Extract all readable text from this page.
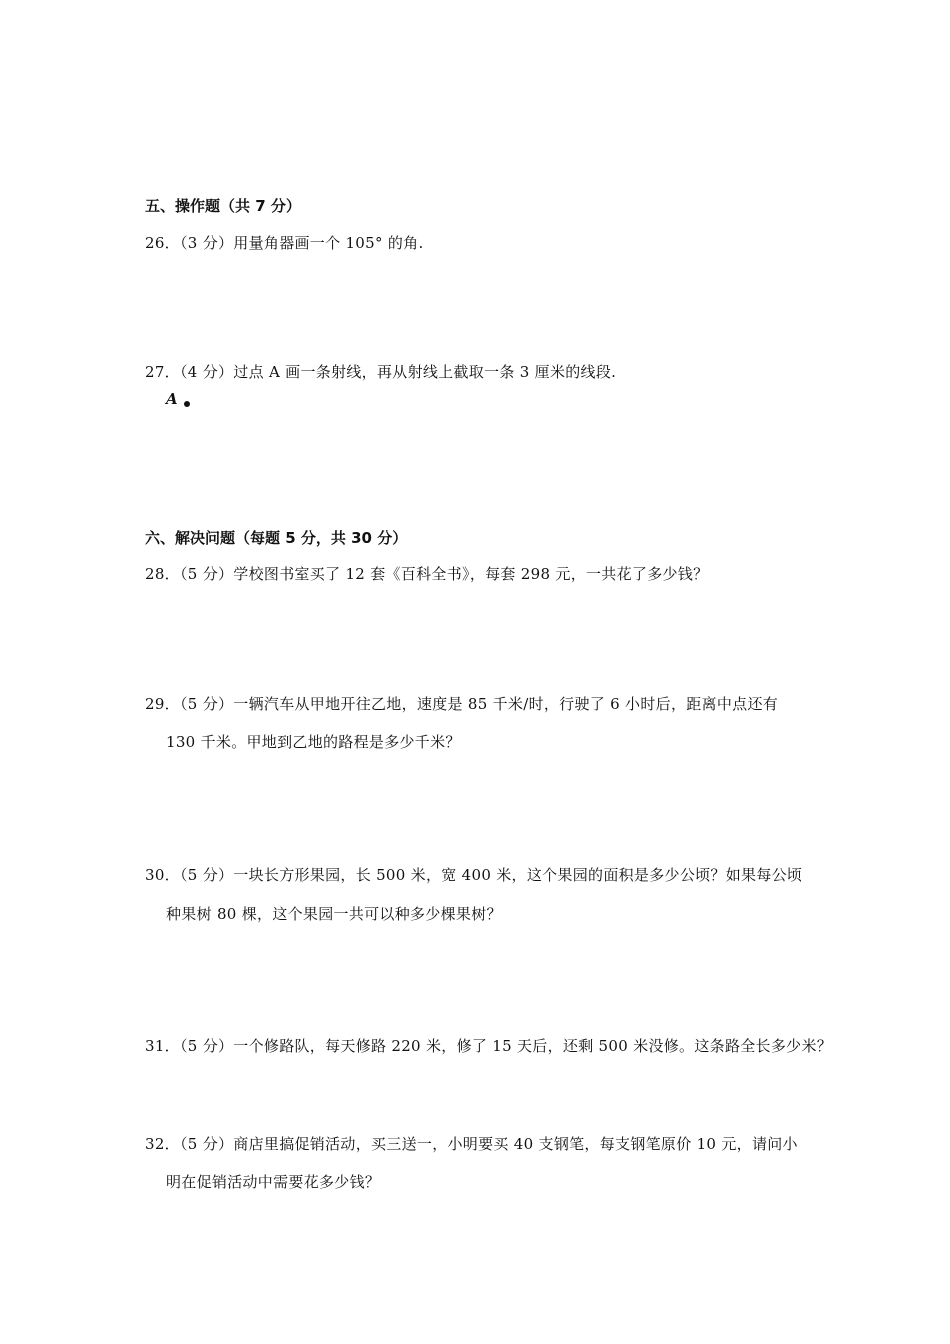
五、操作题（共 7 分）
26．（3 分）用量角器画一个 105° 的角.
27．（4 分）过点 A 画一条射线，再从射线上截取一条 3 厘米的线段.
A
六、解决问题（每题 5 分，共 30 分）
28．（5 分）学校图书室买了 12 套《百科全书》，每套 298 元，一共花了多少钱？
29．（5 分）一辆汽车从甲地开往乙地，速度是 85 千米/时，行驶了 6 小时后，距离中点还有
130 千米。甲地到乙地的路程是多少千米？
30．（5 分）一块长方形果园，长 500 米，宽 400 米，这个果园的面积是多少公顷？如果每公顷
种果树 80 棵，这个果园一共可以种多少棵果树？
31．（5 分）一个修路队，每天修路 220 米，修了 15 天后，还剩 500 米没修。这条路全长多少米？
32．（5 分）商店里搞促销活动，买三送一，小明要买 40 支钢笔，每支钢笔原价 10 元，请问小
明在促销活动中需要花多少钱？
